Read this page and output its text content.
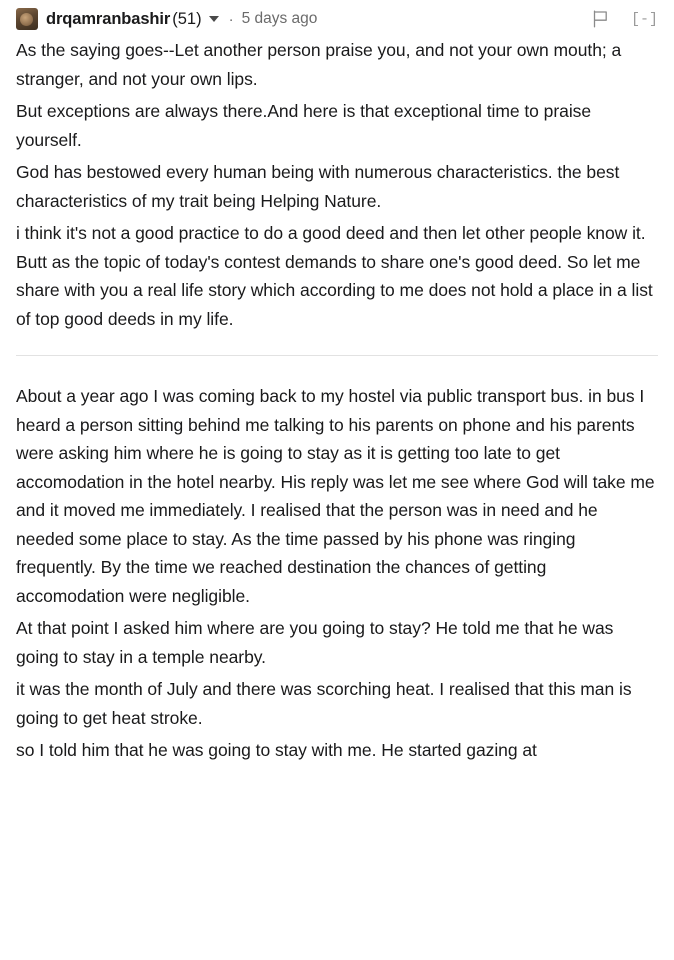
drqamranbashir (51) · 5 days ago	[-]

As the saying goes--Let another person praise you, and not your own mouth; a stranger, and not your own lips.

But exceptions are always there.And here is that exceptional time to praise yourself.

God has bestowed every human being with numerous characteristics. the best characteristics of my trait being Helping Nature.

i think it's not a good practice to do a good deed and then let other people know it. Butt as the topic of today's contest demands to share one's good deed. So let me share with you a real life story which according to me does not hold a place in a list of top good deeds in my life.

About a year ago I was coming back to my hostel via public transport bus. in bus I heard a person sitting behind me talking to his parents on phone and his parents were asking him where he is going to stay as it is getting too late to get accomodation in the hotel nearby. His reply was let me see where God will take me and it moved me immediately. I realised that the person was in need and he needed some place to stay. As the time passed by his phone was ringing frequently. By the time we reached destination the chances of getting accomodation were negligible.

At that point I asked him where are you going to stay? He told me that he was going to stay in a temple nearby.

it was the month of July and there was scorching heat. I realised that this man is going to get heat stroke.

so I told him that he was going to stay with me. He started gazing at
